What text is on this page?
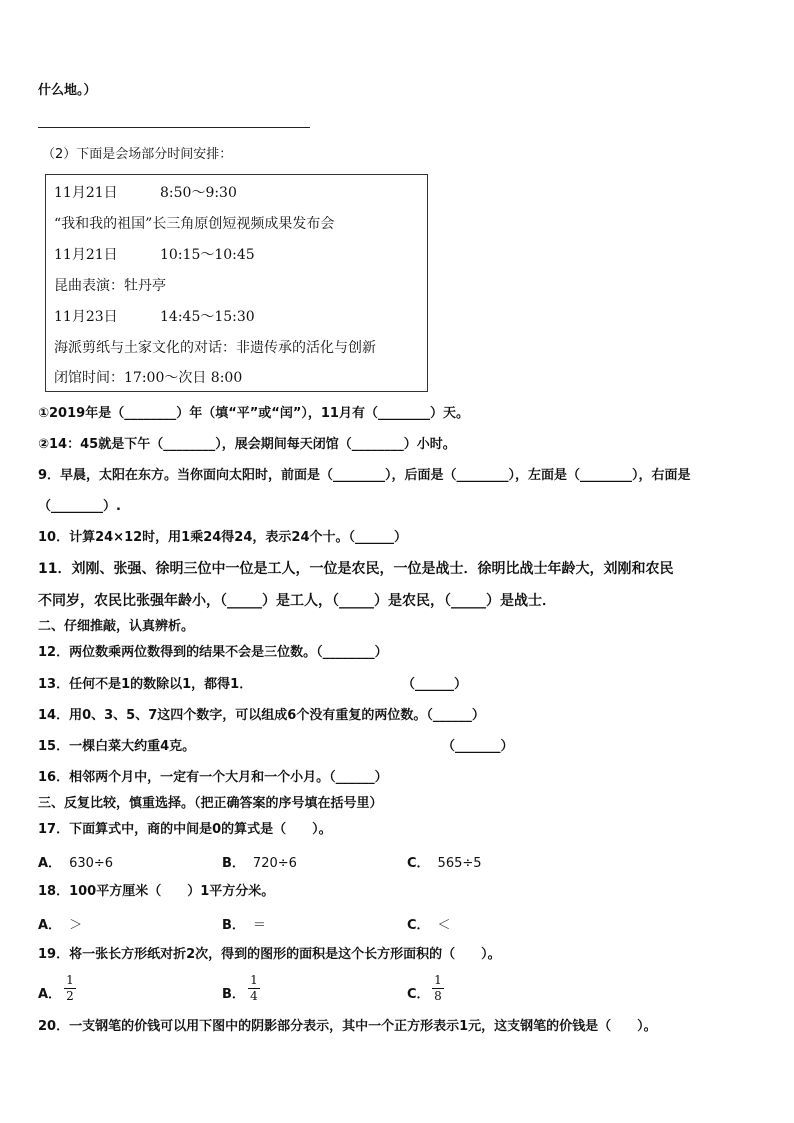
什么地。）
（2）下面是会场部分时间安排：
11月21日	8:50～9:30
“我和我的祖国”长三角原创短视频成果发布会
11月21日	10:15～10:45
昆曲表演：牡丹亭
11月23日	14:45～15:30
海派剪纸与土家文化的对话：非遗传承的活化与创新
闭馆时间：17:00～次日 8:00
①2019年是（________）年（填“平”或“闰”），11月有（________）天。
②14：45就是下午（________），展会期间每天闭馆（________）小时。
9．早晨，太阳在东方。当你面向太阳时，前面是（________），后面是（________），左面是（________），右面是
（________）.
10．计算24×12时，用1乘24得24，表示24个十。（______）
11．刘刚、张强、徐明三位中一位是工人，一位是农民，一位是战士．徐明比战士年龄大，刘刚和农民
不同岁，农民比张强年龄小，（_____）是工人，（_____）是农民，（_____）是战士．
二、仔细推敲，认真辨析。
12．两位数乘两位数得到的结果不会是三位数。（________）
13．任何不是1的数除以1，都得1．	（______）
14．用0、3、5、7这四个数字，可以组成6个没有重复的两位数。（______）
15．一棵白菜大约重4克。	（_______）
16．相邻两个月中，一定有一个大月和一个小月。（______）
三、反复比较，慎重选择。（把正确答案的序号填在括号里）
17．下面算式中，商的中间是0的算式是（　　）。
A． 630÷6	B． 720÷6	C． 565÷5
18．100平方厘米（　　）1平方分米。
A． ＞	B． ＝	C． ＜
19．将一张长方形纸对折2次，得到的图形的面积是这个长方形面积的（　　）。
A． $\frac{1}{2}$	B． $\frac{1}{4}$	C． $\frac{1}{8}$
20．一支钢笔的价钱可以用下图中的阴影部分表示，其中一个正方形表示1元，这支钢笔的价钱是（　　）。
